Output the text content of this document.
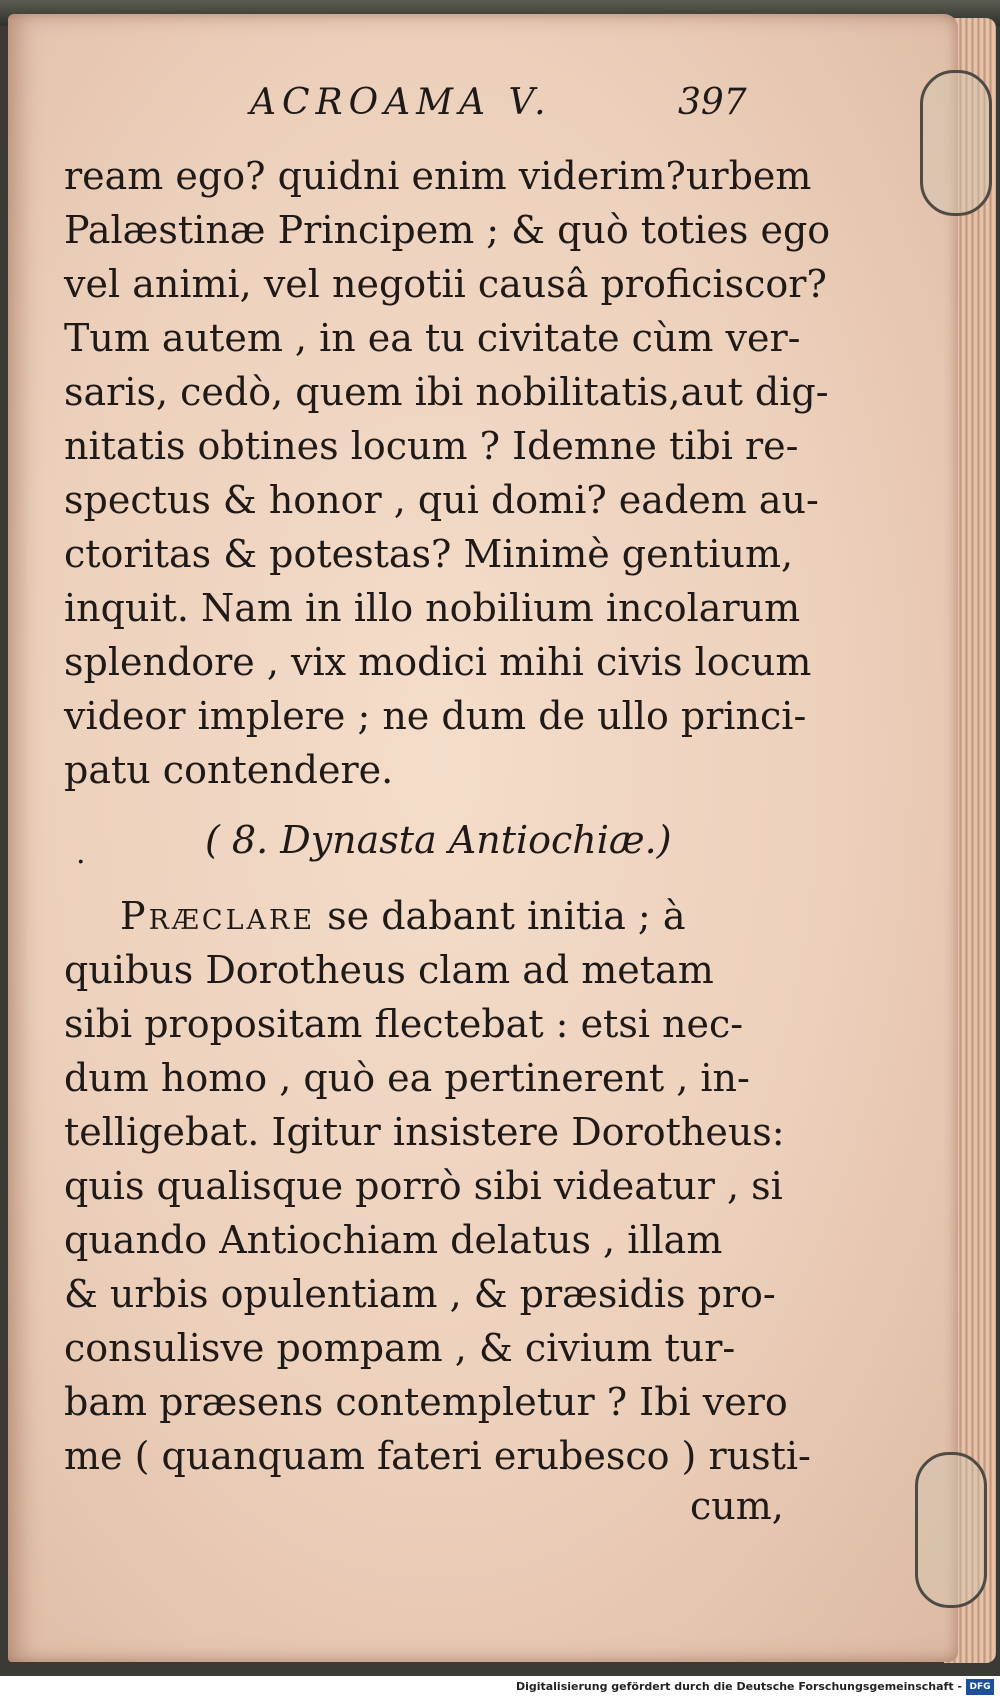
ACROAMA V.	397
ream ego? quidni enim viderim?urbem
Palæstinæ Principem ; & quò toties ego
vel animi, vel negotii causâ proficiscor?
Tum autem , in ea tu civitate cùm ver-
saris, cedò, quem ibi nobilitatis,aut dig-
nitatis obtines locum ? Idemne tibi re-
spectus & honor , qui domi? eadem au-
ctoritas & potestas? Minimè gentium,
inquit. Nam in illo nobilium incolarum
splendore , vix modici mihi civis locum
videor implere ; ne dum de ullo princi-
patu contendere.
.	( 8. Dynasta Antiochiæ.)
Præclare se dabant initia ; à
quibus Dorotheus clam ad metam
sibi propositam flectebat : etsi nec-
dum homo , quò ea pertinerent , in-
telligebat. Igitur insistere Dorotheus:
quis qualisque porrò sibi videatur , si
quando Antiochiam delatus , illam
& urbis opulentiam , & præsidis pro-
consulisve pompam , & civium tur-
bam præsens contempletur ? Ibi vero
me ( quanquam fateri erubesco ) rusti-
cum,
Digitalisierung gefördert durch die Deutsche Forschungsgemeinschaft - DFG
